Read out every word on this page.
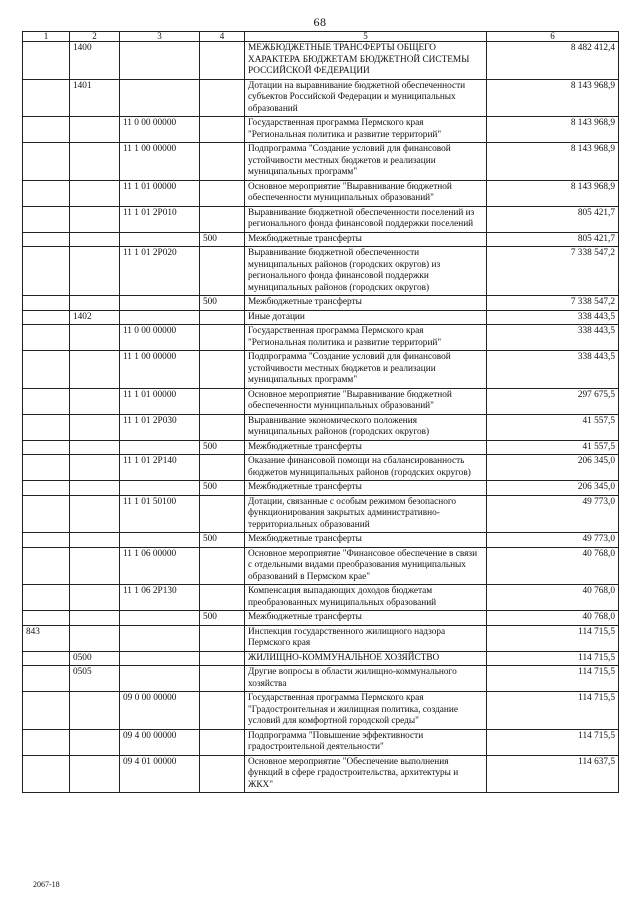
68
1	2	3	4	5	6
	1400			МЕЖБЮДЖЕТНЫЕ ТРАНСФЕРТЫ ОБЩЕГО ХАРАКТЕРА БЮДЖЕТАМ БЮДЖЕТНОЙ СИСТЕМЫ РОССИЙСКОЙ ФЕДЕРАЦИИ	8 482 412,4
	1401			Дотации на выравнивание бюджетной обеспеченности субъектов Российской Федерации и муниципальных образований	8 143 968,9
		11 0 00 00000		Государственная программа Пермского края "Региональная политика и развитие территорий"	8 143 968,9
		11 1 00 00000		Подпрограмма "Создание условий для финансовой устойчивости местных бюджетов и реализации муниципальных программ"	8 143 968,9
		11 1 01 00000		Основное мероприятие "Выравнивание бюджетной обеспеченности муниципальных образований"	8 143 968,9
		11 1 01 2Р010		Выравнивание бюджетной обеспеченности поселений из регионального фонда финансовой поддержки поселений	805 421,7
			500	Межбюджетные трансферты	805 421,7
		11 1 01 2Р020		Выравнивание бюджетной обеспеченности муниципальных районов (городских округов) из регионального фонда финансовой поддержки муниципальных районов (городских округов)	7 338 547,2
			500	Межбюджетные трансферты	7 338 547,2
	1402			Иные дотации	338 443,5
		11 0 00 00000		Государственная программа Пермского края "Региональная политика и развитие территорий"	338 443,5
		11 1 00 00000		Подпрограмма "Создание условий для финансовой устойчивости местных бюджетов и реализации муниципальных программ"	338 443,5
		11 1 01 00000		Основное мероприятие "Выравнивание бюджетной обеспеченности муниципальных образований"	297 675,5
		11 1 01 2Р030		Выравнивание экономического положения муниципальных районов (городских округов)	41 557,5
			500	Межбюджетные трансферты	41 557,5
		11 1 01 2Р140		Оказание финансовой помощи на сбалансированность бюджетов муниципальных районов (городских округов)	206 345,0
			500	Межбюджетные трансферты	206 345,0
		11 1 01 50100		Дотации, связанные с особым режимом безопасного функционирования закрытых административно-территориальных образований	49 773,0
			500	Межбюджетные трансферты	49 773,0
		11 1 06 00000		Основное мероприятие "Финансовое обеспечение в связи с отдельными видами преобразования муниципальных образований в Пермском крае"	40 768,0
		11 1 06 2Р130		Компенсация выпадающих доходов бюджетам преобразованных муниципальных образований	40 768,0
			500	Межбюджетные трансферты	40 768,0
843				Инспекция государственного жилищного надзора Пермского края	114 715,5
	0500			ЖИЛИЩНО-КОММУНАЛЬНОЕ ХОЗЯЙСТВО	114 715,5
	0505			Другие вопросы в области жилищно-коммунального хозяйства	114 715,5
		09 0 00 00000		Государственная программа Пермского края "Градостроительная и жилищная политика, создание условий для комфортной городской среды"	114 715,5
		09 4 00 00000		Подпрограмма "Повышение эффективности градостроительной деятельности"	114 715,5
		09 4 01 00000		Основное мероприятие "Обеспечение выполнения функций в сфере градостроительства, архитектуры и ЖКХ"	114 637,5
2067-18
